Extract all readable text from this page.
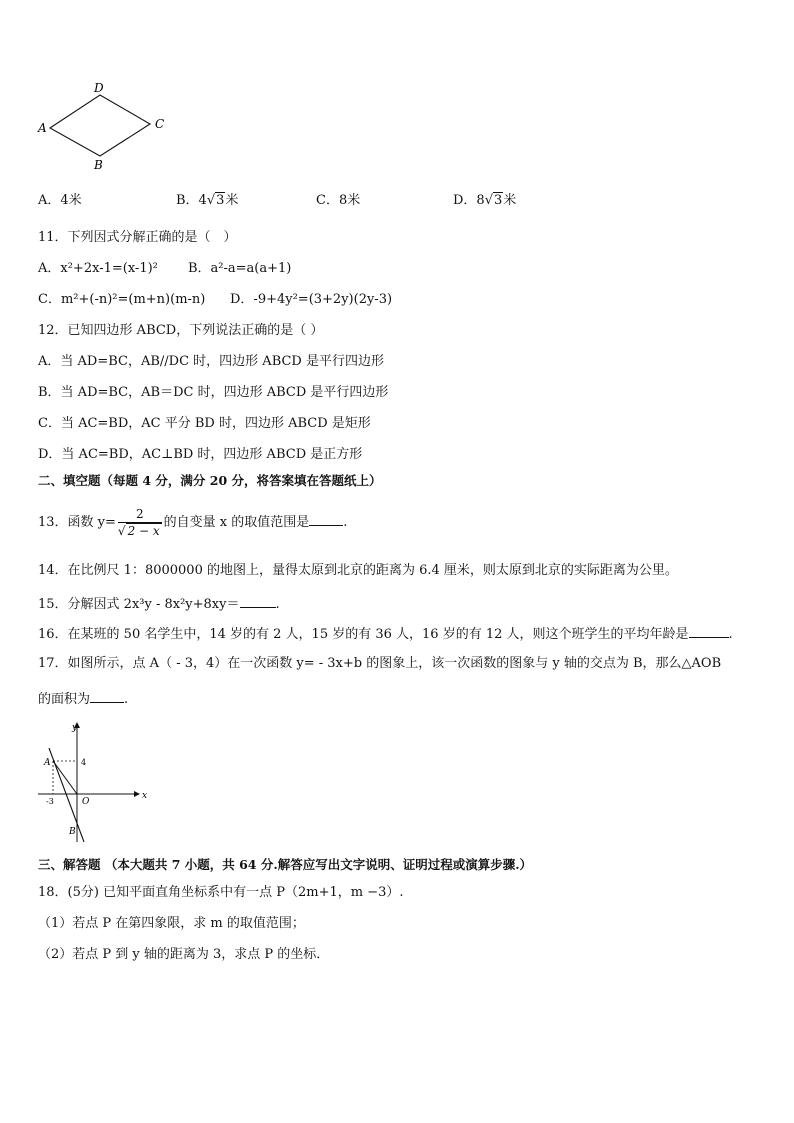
D
A	C
B
A．4米	B．4√3米	C．8米	D．8√3米
11．下列因式分解正确的是（　）
A．x²+2x-1=(x-1)² B．a²-a=a(a+1)
C．m²+(-n)²=(m+n)(m-n) D．-9+4y²=(3+2y)(2y-3)
12．已知四边形 ABCD，下列说法正确的是（ ）
A．当 AD=BC，AB//DC 时，四边形 ABCD 是平行四边形
B．当 AD=BC，AB＝DC 时，四边形 ABCD 是平行四边形
C．当 AC=BD，AC 平分 BD 时，四边形 ABCD 是矩形
D．当 AC=BD，AC⊥BD 时，四边形 ABCD 是正方形
二、填空题（每题 4 分，满分 20 分，将答案填在答题纸上）
13．函数 $y= \frac{2}{√ 2 - x}$ 的自变量 x 的取值范围是	.
14．在比例尺 1：8000000 的地图上，量得太原到北京的距离为 6.4 厘米，则太原到北京的实际距离为公里。
15．分解因式 2x³y - 8x²y+8xy＝	.
16．在某班的 50 名学生中，14 岁的有 2 人，15 岁的有 36 人，16 岁的有 12 人，则这个班学生的平均年龄是	.
17．如图所示，点 A（ - 3，4）在一次函数 y= - 3x+b 的图象上，该一次函数的图象与 y 轴的交点为 B，那么△AOB
的面积为	.
y
x
A	4
O
-3
B
三、解答题 （本大题共 7 小题，共 64 分.解答应写出文字说明、证明过程或演算步骤.）
18．(5分) 已知平面直角坐标系中有一点 P（2m+1，m −3）.
（1）若点 P 在第四象限，求 m 的取值范围；
（2）若点 P 到 y 轴的距离为 3，求点 P 的坐标．
